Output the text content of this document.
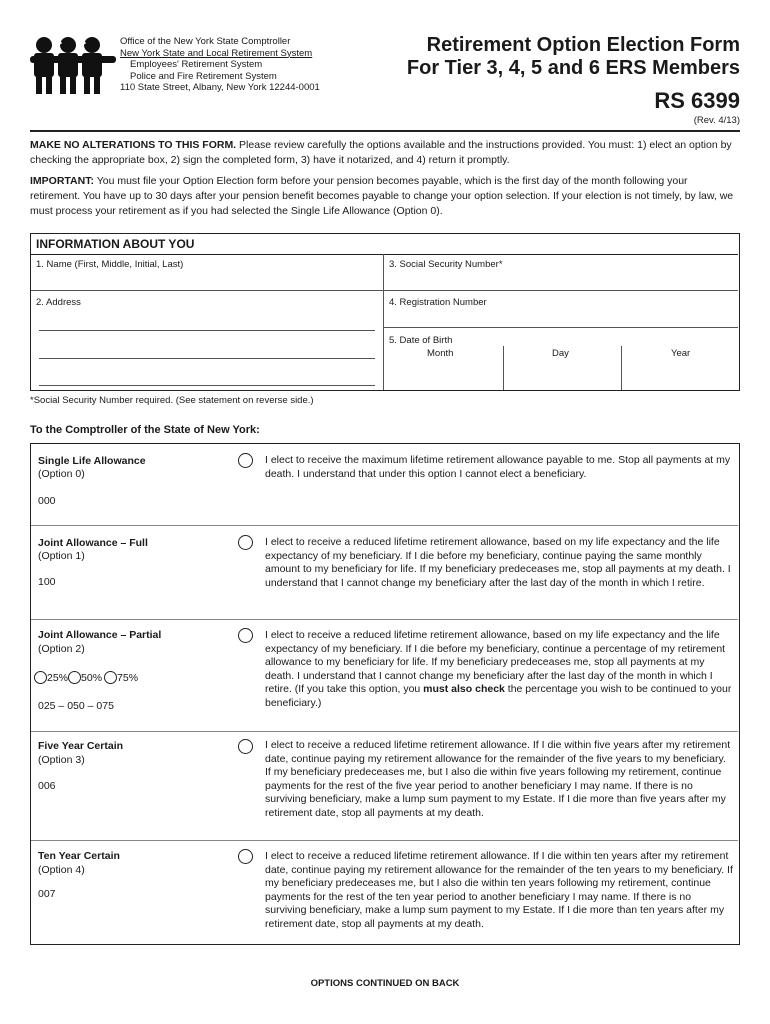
Office of the New York State Comptroller
New York State and Local Retirement System
Employees' Retirement System
Police and Fire Retirement System
110 State Street, Albany, New York 12244-0001
Retirement Option Election Form
For Tier 3, 4, 5 and 6 ERS Members
RS 6399
(Rev. 4/13)
MAKE NO ALTERATIONS TO THIS FORM. Please review carefully the options available and the instructions provided. You must: 1) elect an option by checking the appropriate box, 2) sign the completed form, 3) have it notarized, and 4) return it promptly.
IMPORTANT: You must file your Option Election form before your pension becomes payable, which is the first day of the month following your retirement. You have up to 30 days after your pension benefit becomes payable to change your option selection. If your election is not timely, by law, we must process your retirement as if you had selected the Single Life Allowance (Option 0).
INFORMATION ABOUT YOU
1. Name (First, Middle, Initial, Last)
2. Address
3. Social Security Number*
4. Registration Number
5. Date of Birth
Month	Day	Year
*Social Security Number required. (See statement on reverse side.)
To the Comptroller of the State of New York:
Single Life Allowance
(Option 0)
000
I elect to receive the maximum lifetime retirement allowance payable to me. Stop all payments at my death. I understand that under this option I cannot elect a beneficiary.
Joint Allowance – Full
(Option 1)
100
I elect to receive a reduced lifetime retirement allowance, based on my life expectancy and the life expectancy of my beneficiary. If I die before my beneficiary, continue paying the same monthly amount to my beneficiary for life. If my beneficiary predeceases me, stop all payments at my death. I understand that I cannot change my beneficiary after the last day of the month in which I retire.
Joint Allowance – Partial
(Option 2)
25% 50% 75%
025 – 050 – 075
I elect to receive a reduced lifetime retirement allowance, based on my life expectancy and the life expectancy of my beneficiary. If I die before my beneficiary, continue a percentage of my retirement allowance to my beneficiary for life. If my beneficiary predeceases me, stop all payments at my death. I understand that I cannot change my beneficiary after the last day of the month in which I retire. (If you take this option, you must also check the percentage you wish to be continued to your beneficiary.)
Five Year Certain
(Option 3)
006
I elect to receive a reduced lifetime retirement allowance. If I die within five years after my retirement date, continue paying my retirement allowance for the remainder of the five years to my beneficiary. If my beneficiary predeceases me, but I also die within five years following my retirement, continue payments for the rest of the five year period to another beneficiary I may name. If there is no surviving beneficiary, make a lump sum payment to my Estate. If I die more than five years after my retirement date, stop all payments at my death.
Ten Year Certain
(Option 4)
007
I elect to receive a reduced lifetime retirement allowance. If I die within ten years after my retirement date, continue paying my retirement allowance for the remainder of the ten years to my beneficiary. If my beneficiary predeceases me, but I also die within ten years following my retirement, continue payments for the rest of the ten year period to another beneficiary I may name. If there is no surviving beneficiary, make a lump sum payment to my Estate. If I die more than ten years after my retirement date, stop all payments at my death.
OPTIONS CONTINUED ON BACK
